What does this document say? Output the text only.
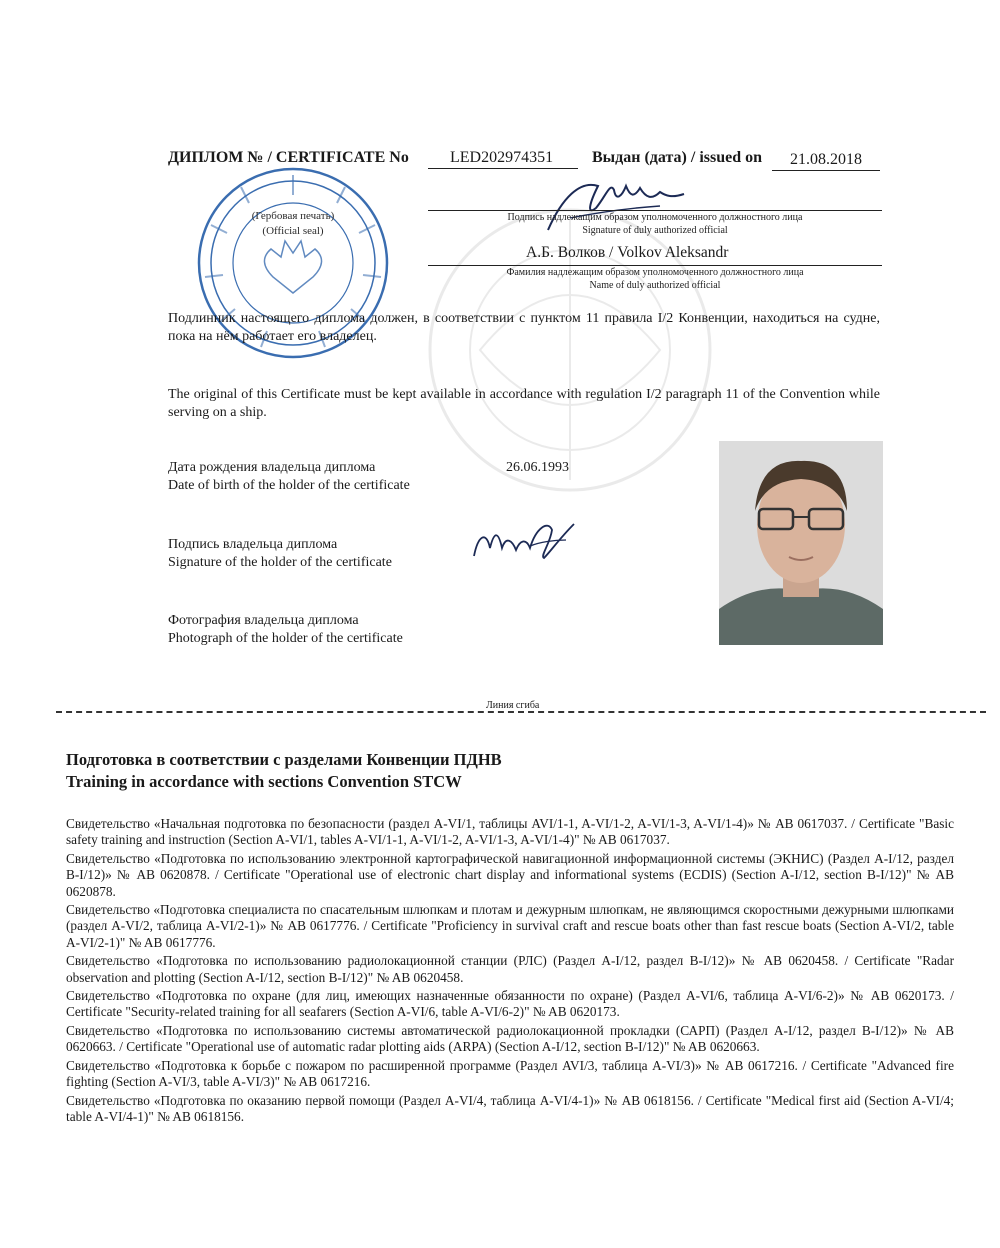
ДИПЛОМ № / CERTIFICATE No	LED202974351 Выдан (дата) / issued on 21.08.2018
(Гербовая печать)
(Official seal)
Подпись надлежащим образом уполномоченного должностного лица
Signature of duly authorized official
А.Б. Волков / Volkov Aleksandr
Фамилия надлежащим образом уполномоченного должностного лица
Name of duly authorized official
Подлинник настоящего диплома должен, в соответствии с пунктом 11 правила I/2 Конвенции, находиться на судне, пока на нём работает его владелец.
The original of this Certificate must be kept available in accordance with regulation I/2 paragraph 11 of the Convention while serving on a ship.
Дата рождения владельца диплома
Date of birth of the holder of the certificate
26.06.1993
Подпись владельца диплома
Signature of the holder of the certificate
Фотография владельца диплома
Photograph of the holder of the certificate
Линия сгиба
Подготовка в соответствии с разделами Конвенции ПДНВ
Training in accordance with sections Convention STCW
Свидетельство «Начальная подготовка по безопасности (раздел A-VI/1, таблицы AVI/1-1, A-VI/1-2, A-VI/1-3, A-VI/1-4)» № AB 0617037. / Certificate "Basic safety training and instruction (Section A-VI/1, tables A-VI/1-1, A-VI/1-2, A-VI/1-3, A-VI/1-4)" № AB 0617037.
Свидетельство «Подготовка по использованию электронной картографической навигационной информационной системы (ЭКНИС) (Раздел A-I/12, раздел B-I/12)» № AB 0620878. / Certificate "Operational use of electronic chart display and informational systems (ECDIS) (Section A-I/12, section B-I/12)" № AB 0620878.
Свидетельство «Подготовка специалиста по спасательным шлюпкам и плотам и дежурным шлюпкам, не являющимся скоростными дежурными шлюпками (раздел A-VI/2, таблица A-VI/2-1)» № AB 0617776. / Certificate "Proficiency in survival craft and rescue boats other than fast rescue boats (Section A-VI/2, table A-VI/2-1)" № AB 0617776.
Свидетельство «Подготовка по использованию радиолокационной станции (РЛС) (Раздел A-I/12, раздел B-I/12)» № AB 0620458. / Certificate "Radar observation and plotting (Section A-I/12, section B-I/12)" № AB 0620458.
Свидетельство «Подготовка по охране (для лиц, имеющих назначенные обязанности по охране) (Раздел A-VI/6, таблица A-VI/6-2)» № AB 0620173. / Certificate "Security-related training for all seafarers (Section A-VI/6, table A-VI/6-2)" № AB 0620173.
Свидетельство «Подготовка по использованию системы автоматической радиолокационной прокладки (САРП) (Раздел A-I/12, раздел B-I/12)» № AB 0620663. / Certificate "Operational use of automatic radar plotting aids (ARPA) (Section A-I/12, section B-I/12)" № AB 0620663.
Свидетельство «Подготовка к борьбе с пожаром по расширенной программе (Раздел AVI/3, таблица A-VI/3)» № AB 0617216. / Certificate "Advanced fire fighting (Section A-VI/3, table A-VI/3)" № AB 0617216.
Свидетельство «Подготовка по оказанию первой помощи (Раздел A-VI/4, таблица A-VI/4-1)» № AB 0618156. / Certificate "Medical first aid (Section A-VI/4; table A-VI/4-1)" № AB 0618156.
